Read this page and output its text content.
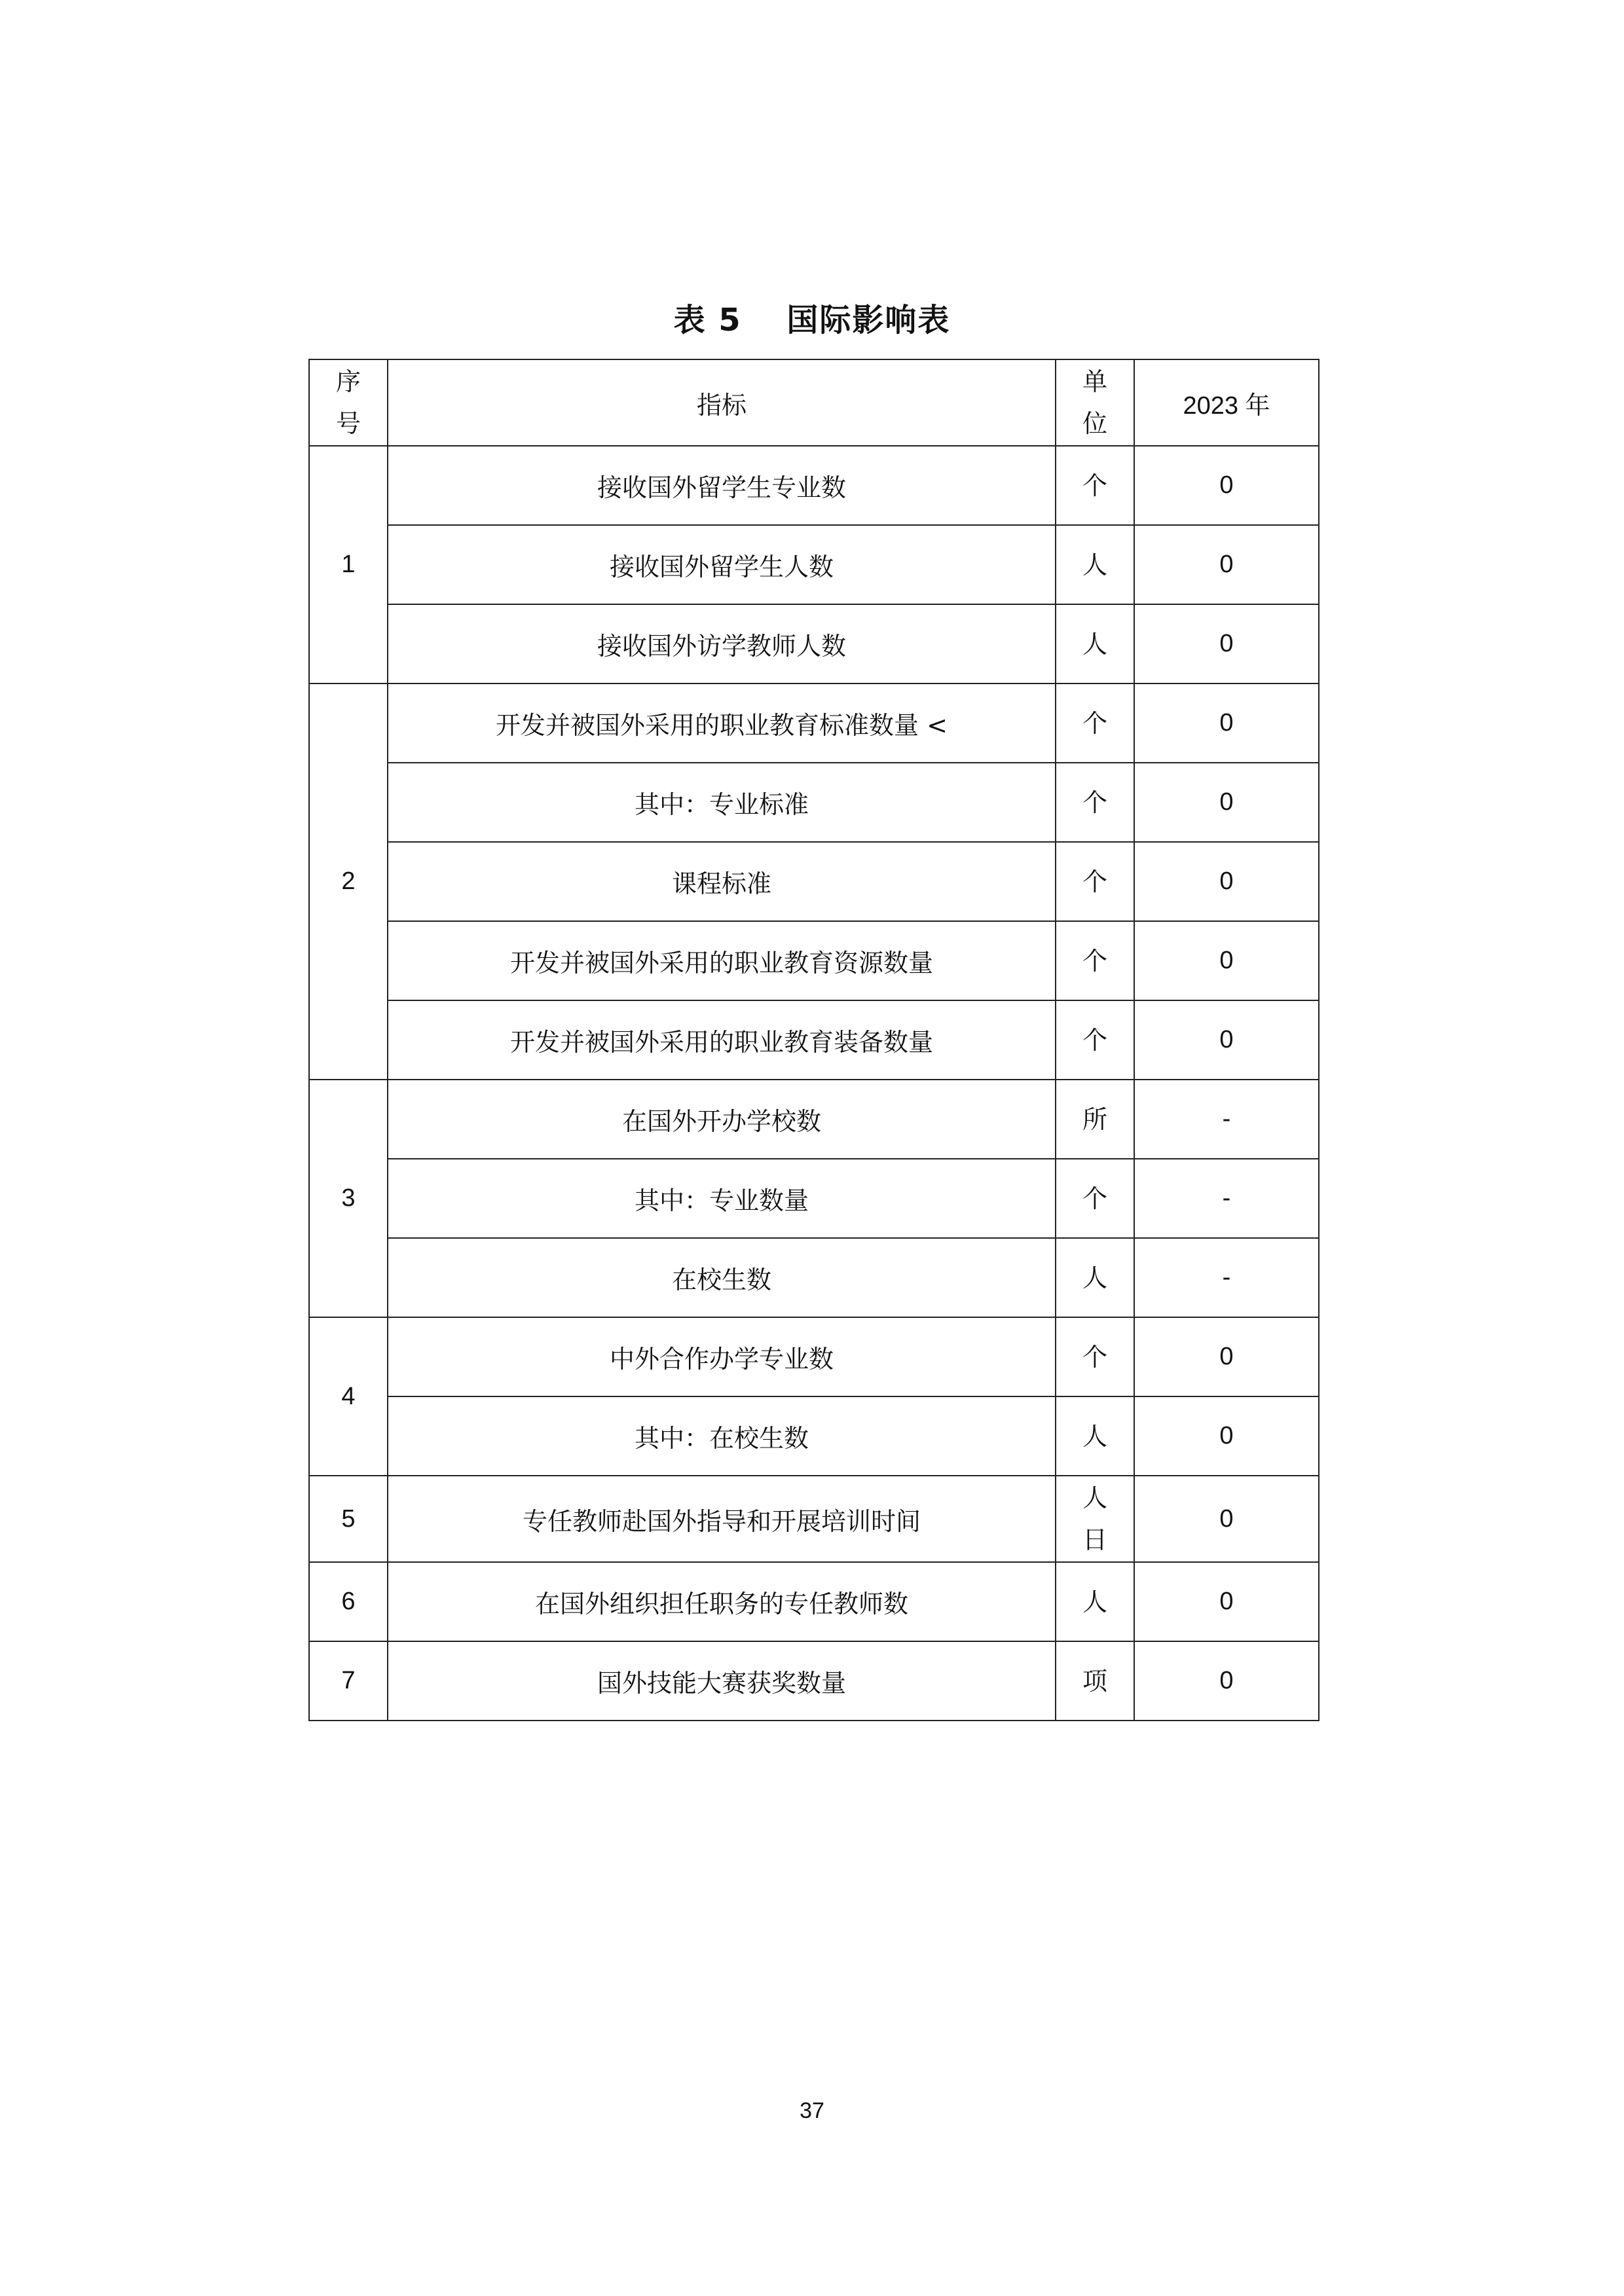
表 5　 国际影响表
序号	指标	单位	2023 年
1	接收国外留学生专业数	个	0
	接收国外留学生人数	人	0
	接收国外访学教师人数	人	0
2	开发并被国外采用的职业教育标准数量 <	个	0
	其中：专业标准	个	0
	课程标准	个	0
	开发并被国外采用的职业教育资源数量	个	0
	开发并被国外采用的职业教育装备数量	个	0
3	在国外开办学校数	所	-
	其中：专业数量	个	-
	在校生数	人	-
4	中外合作办学专业数	个	0
	其中：在校生数	人	0
5	专任教师赴国外指导和开展培训时间	人日	0
6	在国外组织担任职务的专任教师数	人	0
7	国外技能大赛获奖数量	项	0
37
